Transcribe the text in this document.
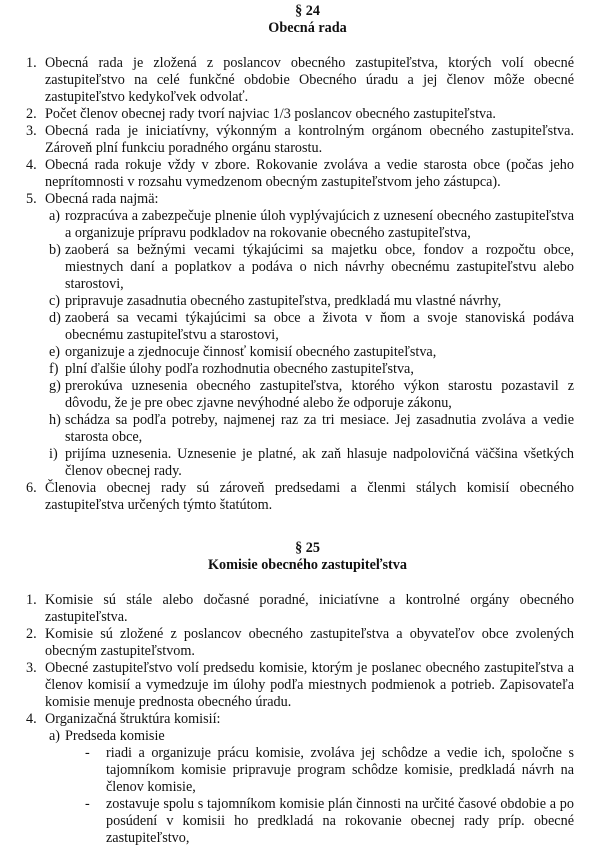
§ 24
Obecná rada
1. Obecná rada je zložená z poslancov obecného zastupiteľstva, ktorých volí obecné zastupiteľstvo na celé funkčné obdobie Obecného úradu a jej členov môže obecné zastupiteľstvo kedykoľvek odvolať.
2. Počet členov obecnej rady tvorí najviac 1/3 poslancov obecného zastupiteľstva.
3. Obecná rada je iniciatívny, výkonným a kontrolným orgánom obecného zastupiteľstva. Zároveň plní funkciu poradného orgánu starostu.
4. Obecná rada rokuje vždy v zbore. Rokovanie zvoláva a vedie starosta obce (počas jeho neprítomnosti v rozsahu vymedzenom obecným zastupiteľstvom jeho zástupca).
5. Obecná rada najmä:
a) rozpracúva a zabezpečuje plnenie úloh vyplývajúcich z uznesení obecného zastupiteľstva a organizuje prípravu podkladov na rokovanie obecného zastupiteľstva,
b) zaoberá sa bežnými vecami týkajúcimi sa majetku obce, fondov a rozpočtu obce, miestnych daní a poplatkov a podáva o nich návrhy obecnému zastupiteľstvu alebo starostovi,
c) pripravuje zasadnutia obecného zastupiteľstva, predkladá mu vlastné návrhy,
d) zaoberá sa vecami týkajúcimi sa obce a života v ňom a svoje stanoviská podáva obecnému zastupiteľstvu a starostovi,
e) organizuje a zjednocuje činnosť komisií obecného zastupiteľstva,
f) plní ďalšie úlohy podľa rozhodnutia obecného zastupiteľstva,
g) prerokúva uznesenia obecného zastupiteľstva, ktorého výkon starostu pozastavil z dôvodu, že je pre obec zjavne nevýhodné alebo že odporuje zákonu,
h) schádza sa podľa potreby, najmenej raz za tri mesiace. Jej zasadnutia zvoláva a vedie starosta obce,
i) prijíma uznesenia. Uznesenie je platné, ak zaň hlasuje nadpolovičná väčšina všetkých členov obecnej rady.
6. Členovia obecnej rady sú zároveň predsedami a členmi stálych komisií obecného zastupiteľstva určených týmto štatútom.
§ 25
Komisie obecného zastupiteľstva
1. Komisie sú stále alebo dočasné poradné, iniciatívne a kontrolné orgány obecného zastupiteľstva.
2. Komisie sú zložené z poslancov obecného zastupiteľstva a obyvateľov obce zvolených obecným zastupiteľstvom.
3. Obecné zastupiteľstvo volí predsedu komisie, ktorým je poslanec obecného zastupiteľstva a členov komisií a vymedzuje im úlohy podľa miestnych podmienok a potrieb. Zapisovateľa komisie menuje prednosta obecného úradu.
4. Organizačná štruktúra komisií:
a) Predseda komisie
- riadi a organizuje prácu komisie, zvoláva jej schôdze a vedie ich, spoločne s tajomníkom komisie pripravuje program schôdze komisie, predkladá návrh na členov komisie,
- zostavuje spolu s tajomníkom komisie plán činnosti na určité časové obdobie a po posúdení v komisii ho predkladá na rokovanie obecnej rady príp. obecné zastupiteľstvo,
